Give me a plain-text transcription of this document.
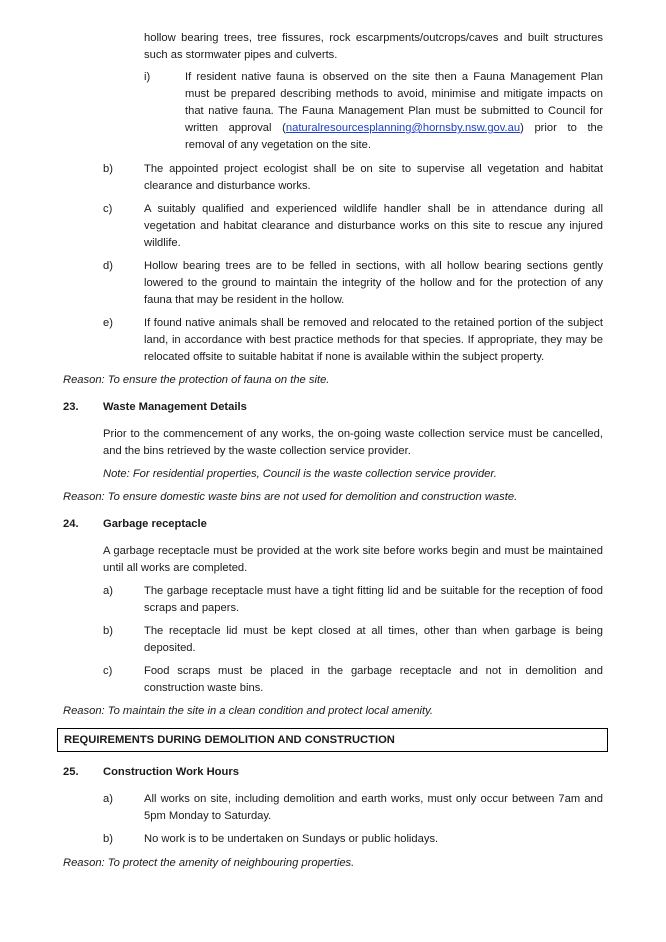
hollow bearing trees, tree fissures, rock escarpments/outcrops/caves and built structures such as stormwater pipes and culverts.

i)	If resident native fauna is observed on the site then a Fauna Management Plan must be prepared describing methods to avoid, minimise and mitigate impacts on that native fauna. The Fauna Management Plan must be submitted to Council for written approval (naturalresourcesplanning@hornsby.nsw.gov.au) prior to the removal of any vegetation on the site.

b)	The appointed project ecologist shall be on site to supervise all vegetation and habitat clearance and disturbance works.

c)	A suitably qualified and experienced wildlife handler shall be in attendance during all vegetation and habitat clearance and disturbance works on this site to rescue any injured wildlife.

d)	Hollow bearing trees are to be felled in sections, with all hollow bearing sections gently lowered to the ground to maintain the integrity of the hollow and for the protection of any fauna that may be resident in the hollow.

e)	If found native animals shall be removed and relocated to the retained portion of the subject land, in accordance with best practice methods for that species. If appropriate, they may be relocated offsite to suitable habitat if none is available within the subject property.

Reason: To ensure the protection of fauna on the site.

23. Waste Management Details

Prior to the commencement of any works, the on-going waste collection service must be cancelled, and the bins retrieved by the waste collection service provider.

Note: For residential properties, Council is the waste collection service provider.

Reason: To ensure domestic waste bins are not used for demolition and construction waste.

24. Garbage receptacle

A garbage receptacle must be provided at the work site before works begin and must be maintained until all works are completed.

a)	The garbage receptacle must have a tight fitting lid and be suitable for the reception of food scraps and papers.

b)	The receptacle lid must be kept closed at all times, other than when garbage is being deposited.

c)	Food scraps must be placed in the garbage receptacle and not in demolition and construction waste bins.

Reason: To maintain the site in a clean condition and protect local amenity.

REQUIREMENTS DURING DEMOLITION AND CONSTRUCTION
25. Construction Work Hours
a)	All works on site, including demolition and earth works, must only occur between 7am and 5pm Monday to Saturday.

b)	No work is to be undertaken on Sundays or public holidays.

Reason: To protect the amenity of neighbouring properties.
